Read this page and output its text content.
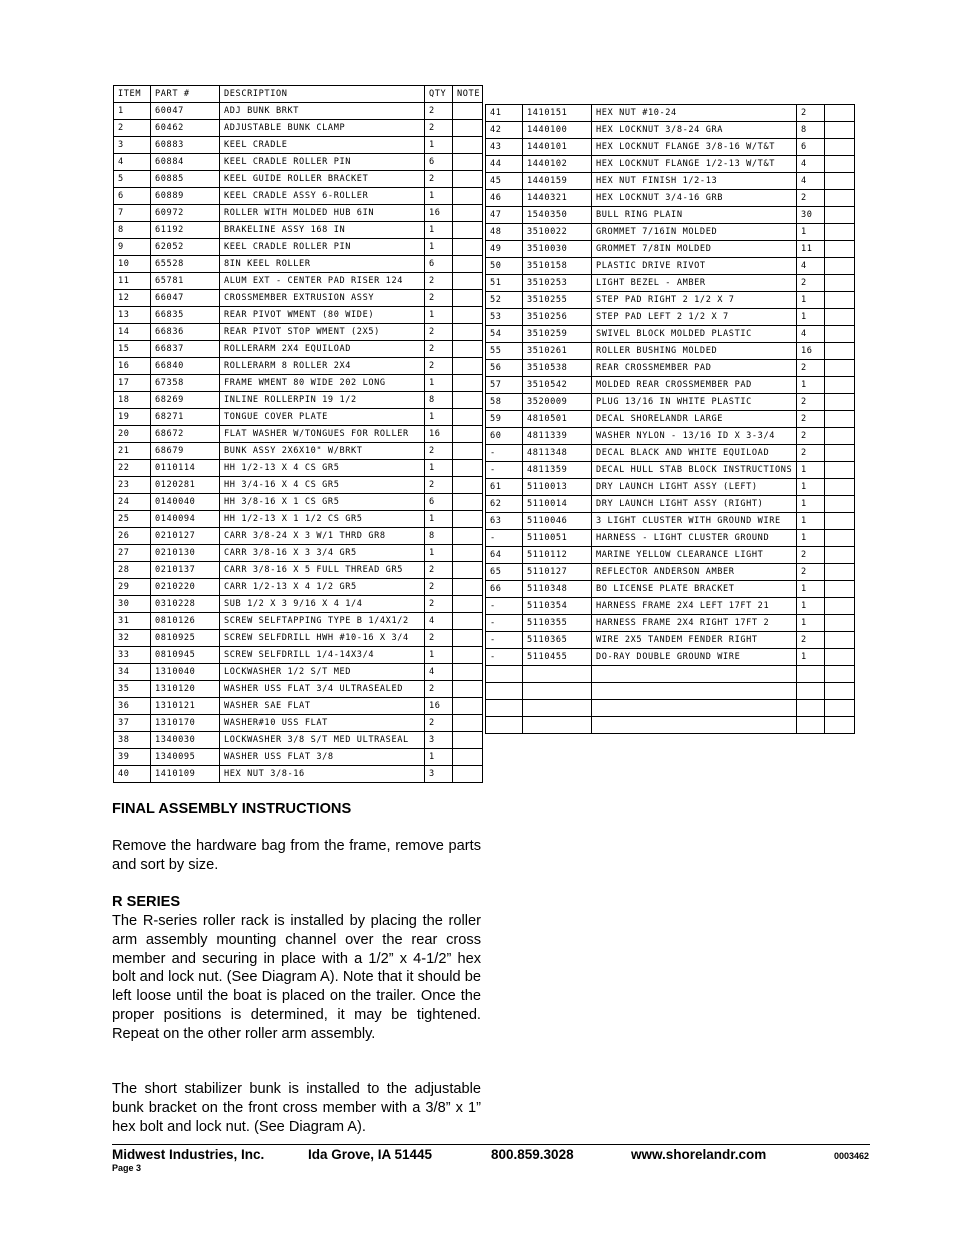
ITEM	PART #	DESCRIPTION	QTY	NOTE
1	60047	ADJ BUNK BRKT	2	
2	60462	ADJUSTABLE BUNK CLAMP	2	
3	60883	KEEL CRADLE	1	
4	60884	KEEL CRADLE ROLLER PIN	6	
5	60885	KEEL GUIDE ROLLER BRACKET	2	
6	60889	KEEL CRADLE ASSY 6-ROLLER	1	
7	60972	ROLLER WITH MOLDED HUB 6IN	16	
8	61192	BRAKELINE ASSY 168 IN	1	
9	62052	KEEL CRADLE ROLLER PIN	1	
10	65528	8IN KEEL ROLLER	6	
11	65781	ALUM EXT - CENTER PAD RISER 124	2	
12	66047	CROSSMEMBER EXTRUSION ASSY	2	
13	66835	REAR PIVOT WMENT (80 WIDE)	1	
14	66836	REAR PIVOT STOP WMENT (2X5)	2	
15	66837	ROLLERARM 2X4 EQUILOAD	2	
16	66840	ROLLERARM 8 ROLLER 2X4	2	
17	67358	FRAME WMENT 80 WIDE 202 LONG	1	
18	68269	INLINE ROLLERPIN 19 1/2	8	
19	68271	TONGUE COVER PLATE	1	
20	68672	FLAT WASHER W/TONGUES FOR ROLLER	16	
21	68679	BUNK ASSY 2X6X10" W/BRKT	2	
22	0110114	HH 1/2-13 X 4 CS GR5	1	
23	0120281	HH 3/4-16 X 4 CS GR5	2	
24	0140040	HH 3/8-16 X 1 CS GR5	6	
25	0140094	HH 1/2-13 X 1 1/2 CS GR5	1	
26	0210127	CARR 3/8-24 X 3 W/1 THRD GR8	8	
27	0210130	CARR 3/8-16 X 3 3/4 GR5	1	
28	0210137	CARR 3/8-16 X 5 FULL THREAD GR5	2	
29	0210220	CARR 1/2-13 X 4 1/2 GR5	2	
30	0310228	SUB 1/2 X 3 9/16 X 4 1/4	2	
31	0810126	SCREW SELFTAPPING TYPE B 1/4X1/2	4	
32	0810925	SCREW SELFDRILL HWH #10-16 X 3/4	2	
33	0810945	SCREW SELFDRILL 1/4-14X3/4	1	
34	1310040	LOCKWASHER 1/2 S/T MED	4	
35	1310120	WASHER USS FLAT 3/4 ULTRASEALED	2	
36	1310121	WASHER SAE FLAT	16	
37	1310170	WASHER#10 USS FLAT	2	
38	1340030	LOCKWASHER 3/8 S/T MED ULTRASEAL	3	
39	1340095	WASHER USS FLAT 3/8	1	
40	1410109	HEX NUT 3/8-16	3	
41	1410151	HEX NUT #10-24	2	
42	1440100	HEX LOCKNUT 3/8-24 GRA	8	
43	1440101	HEX LOCKNUT FLANGE 3/8-16 W/T&T	6	
44	1440102	HEX LOCKNUT FLANGE 1/2-13 W/T&T	4	
45	1440159	HEX NUT FINISH 1/2-13	4	
46	1440321	HEX LOCKNUT 3/4-16 GRB	2	
47	1540350	BULL RING PLAIN	30	
48	3510022	GROMMET 7/16IN MOLDED	1	
49	3510030	GROMMET 7/8IN MOLDED	11	
50	3510158	PLASTIC DRIVE RIVOT	4	
51	3510253	LIGHT BEZEL - AMBER	2	
52	3510255	STEP PAD RIGHT 2 1/2 X 7	1	
53	3510256	STEP PAD LEFT 2 1/2 X 7	1	
54	3510259	SWIVEL BLOCK MOLDED PLASTIC	4	
55	3510261	ROLLER BUSHING MOLDED	16	
56	3510538	REAR CROSSMEMBER PAD	2	
57	3510542	MOLDED REAR CROSSMEMBER PAD	1	
58	3520009	PLUG 13/16 IN WHITE PLASTIC	2	
59	4810501	DECAL SHORELANDR LARGE	2	
60	4811339	WASHER NYLON - 13/16 ID X 3-3/4	2	
-	4811348	DECAL BLACK AND WHITE EQUILOAD	2	
-	4811359	DECAL HULL STAB BLOCK INSTRUCTIONS	1	
61	5110013	DRY LAUNCH LIGHT ASSY (LEFT)	1	
62	5110014	DRY LAUNCH LIGHT ASSY (RIGHT)	1	
63	5110046	3 LIGHT CLUSTER WITH GROUND WIRE	1	
-	5110051	HARNESS - LIGHT CLUSTER GROUND	1	
64	5110112	MARINE YELLOW CLEARANCE LIGHT	2	
65	5110127	REFLECTOR ANDERSON AMBER	2	
66	5110348	BO LICENSE PLATE BRACKET	1	
-	5110354	HARNESS FRAME 2X4 LEFT 17FT 21	1	
-	5110355	HARNESS FRAME 2X4 RIGHT 17FT 2	1	
-	5110365	WIRE 2X5 TANDEM FENDER RIGHT	2	
-	5110455	DO-RAY DOUBLE GROUND WIRE	1	

FINAL ASSEMBLY INSTRUCTIONS
Remove the hardware bag from the frame, remove parts and sort by size.
R SERIES
The R-series roller rack is installed by placing the roller arm assembly mounting channel over the rear cross member and securing in place with a 1/2” x 4-1/2” hex bolt and lock nut. (See Diagram A). Note that it should be left loose until the boat is placed on the trailer. Once the proper positions is determined, it may be tightened. Repeat on the other roller arm assembly.
The short stabilizer bunk is installed to the adjustable bunk bracket on the front cross member with a 3/8” x 1” hex bolt and lock nut. (See Diagram A).
Midwest Industries, Inc.	Ida Grove, IA 51445	800.859.3028	www.shorelandr.com	0003462
Page 3
